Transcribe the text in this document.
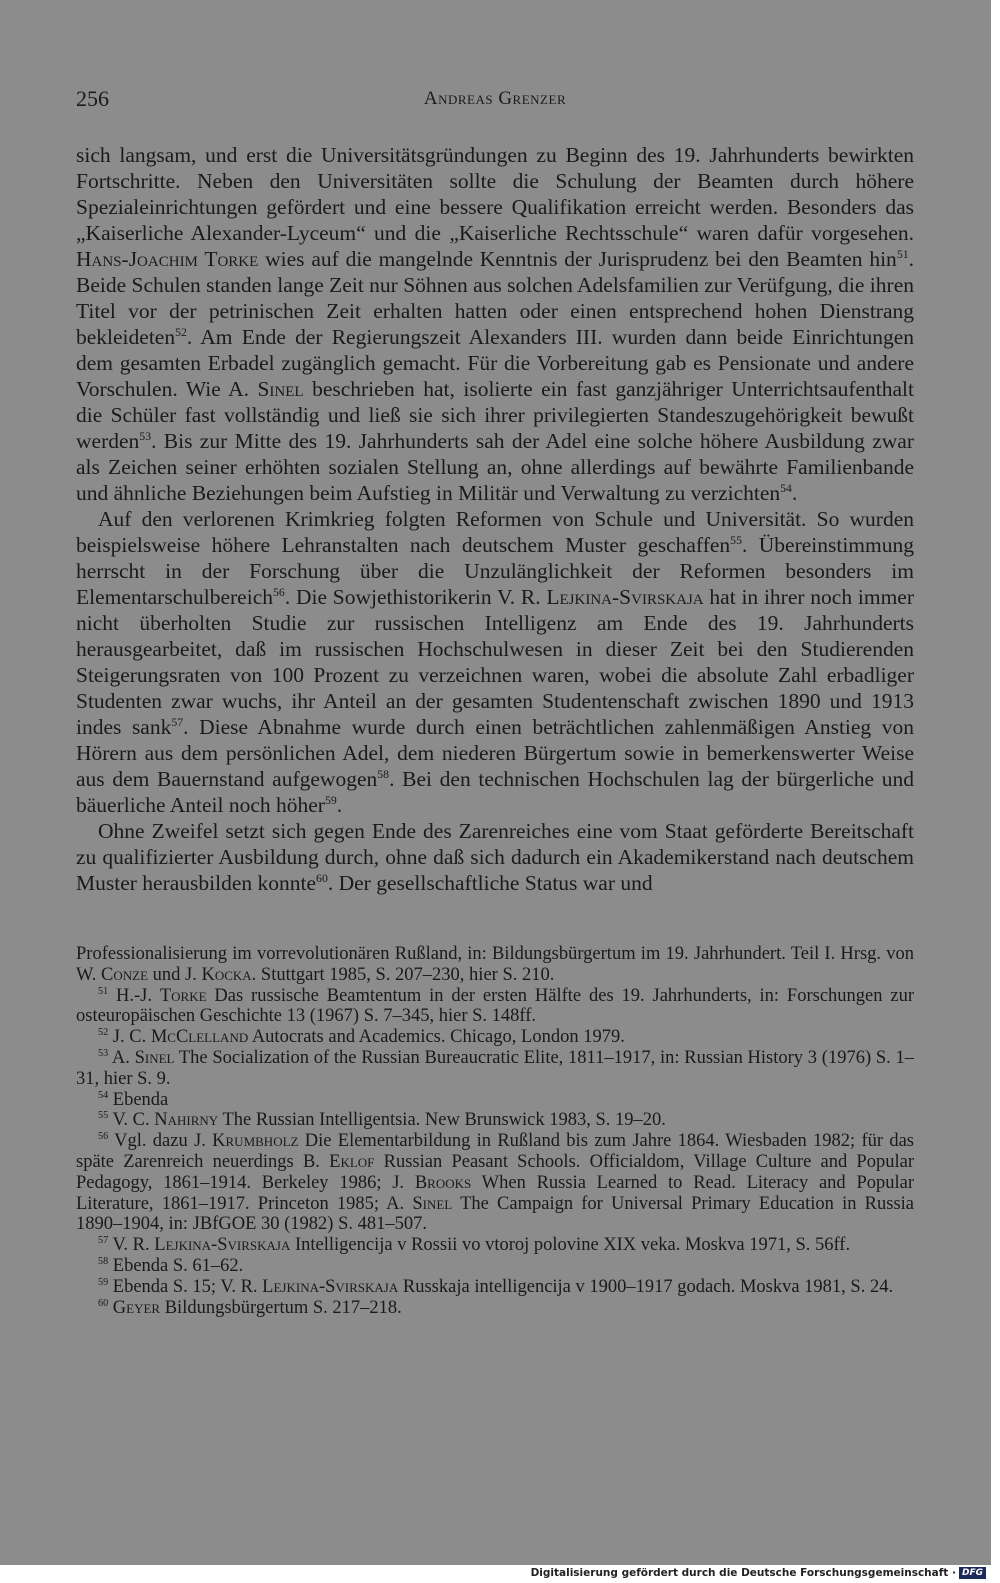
256	Andreas Grenzer

sich langsam, und erst die Universitätsgründungen zu Beginn des 19. Jahrhunderts bewirkten Fortschritte. Neben den Universitäten sollte die Schulung der Beamten durch höhere Spezialeinrichtungen gefördert und eine bessere Qualifikation erreicht werden. Besonders das „Kaiserliche Alexander-Lyceum“ und die „Kaiserliche Rechtsschule“ waren dafür vorgesehen. Hans-Joachim Torke wies auf die mangelnde Kenntnis der Jurisprudenz bei den Beamten hin$^{51}$. Beide Schulen standen lange Zeit nur Söhnen aus solchen Adelsfamilien zur Verüfgung, die ihren Titel vor der petrinischen Zeit erhalten hatten oder einen entsprechend hohen Dienstrang bekleideten$^{52}$. Am Ende der Regierungszeit Alexanders III. wurden dann beide Einrichtungen dem gesamten Erbadel zugänglich gemacht. Für die Vorbereitung gab es Pensionate und andere Vorschulen. Wie A. Sinel beschrieben hat, isolierte ein fast ganzjähriger Unterrichtsaufenthalt die Schüler fast vollständig und ließ sie sich ihrer privilegierten Standeszugehörigkeit bewußt werden$^{53}$. Bis zur Mitte des 19. Jahrhunderts sah der Adel eine solche höhere Ausbildung zwar als Zeichen seiner erhöhten sozialen Stellung an, ohne allerdings auf bewährte Familienbande und ähnliche Beziehungen beim Aufstieg in Militär und Verwaltung zu verzichten$^{54}$.

Auf den verlorenen Krimkrieg folgten Reformen von Schule und Universität. So wurden beispielsweise höhere Lehranstalten nach deutschem Muster geschaffen$^{55}$. Übereinstimmung herrscht in der Forschung über die Unzulänglichkeit der Reformen besonders im Elementarschulbereich$^{56}$. Die Sowjethistorikerin V. R. Lejkina-Svirskaja hat in ihrer noch immer nicht überholten Studie zur russischen Intelligenz am Ende des 19. Jahrhunderts herausgearbeitet, daß im russischen Hochschulwesen in dieser Zeit bei den Studierenden Steigerungsraten von 100 Prozent zu verzeichnen waren, wobei die absolute Zahl erbadliger Studenten zwar wuchs, ihr Anteil an der gesamten Studentenschaft zwischen 1890 und 1913 indes sank$^{57}$. Diese Abnahme wurde durch einen beträchtlichen zahlenmäßigen Anstieg von Hörern aus dem persönlichen Adel, dem niederen Bürgertum sowie in bemerkenswerter Weise aus dem Bauernstand aufgewogen$^{58}$. Bei den technischen Hochschulen lag der bürgerliche und bäuerliche Anteil noch höher$^{59}$.

Ohne Zweifel setzt sich gegen Ende des Zarenreiches eine vom Staat geförderte Bereitschaft zu qualifizierter Ausbildung durch, ohne daß sich dadurch ein Akademikerstand nach deutschem Muster herausbilden konnte$^{60}$. Der gesellschaftliche Status war und

Professionalisierung im vorrevolutionären Rußland, in: Bildungsbürgertum im 19. Jahrhundert. Teil I. Hrsg. von W. Conze und J. Kocka. Stuttgart 1985, S. 207–230, hier S. 210.
$^{51}$ H.-J. Torke Das russische Beamtentum in der ersten Hälfte des 19. Jahrhunderts, in: Forschungen zur osteuropäischen Geschichte 13 (1967) S. 7–345, hier S. 148ff.
$^{52}$ J. C. McClelland Autocrats and Academics. Chicago, London 1979.
$^{53}$ A. Sinel The Socialization of the Russian Bureaucratic Elite, 1811–1917, in: Russian History 3 (1976) S. 1–31, hier S. 9.
$^{54}$ Ebenda
$^{55}$ V. C. Nahirny The Russian Intelligentsia. New Brunswick 1983, S. 19–20.
$^{56}$ Vgl. dazu J. Krumbholz Die Elementarbildung in Rußland bis zum Jahre 1864. Wiesbaden 1982; für das späte Zarenreich neuerdings B. Eklof Russian Peasant Schools. Officialdom, Village Culture and Popular Pedagogy, 1861–1914. Berkeley 1986; J. Brooks When Russia Learned to Read. Literacy and Popular Literature, 1861–1917. Princeton 1985; A. Sinel The Campaign for Universal Primary Education in Russia 1890–1904, in: JBfGOE 30 (1982) S. 481–507.
$^{57}$ V. R. Lejkina-Svirskaja Intelligencija v Rossii vo vtoroj polovine XIX veka. Moskva 1971, S. 56ff.
$^{58}$ Ebenda S. 61–62.
$^{59}$ Ebenda S. 15; V. R. Lejkina-Svirskaja Russkaja intelligencija v 1900–1917 godach. Moskva 1981, S. 24.
$^{60}$ Geyer Bildungsbürgertum S. 217–218.
Digitalisierung gefördert durch die Deutsche Forschungsgemeinschaft · DFG
